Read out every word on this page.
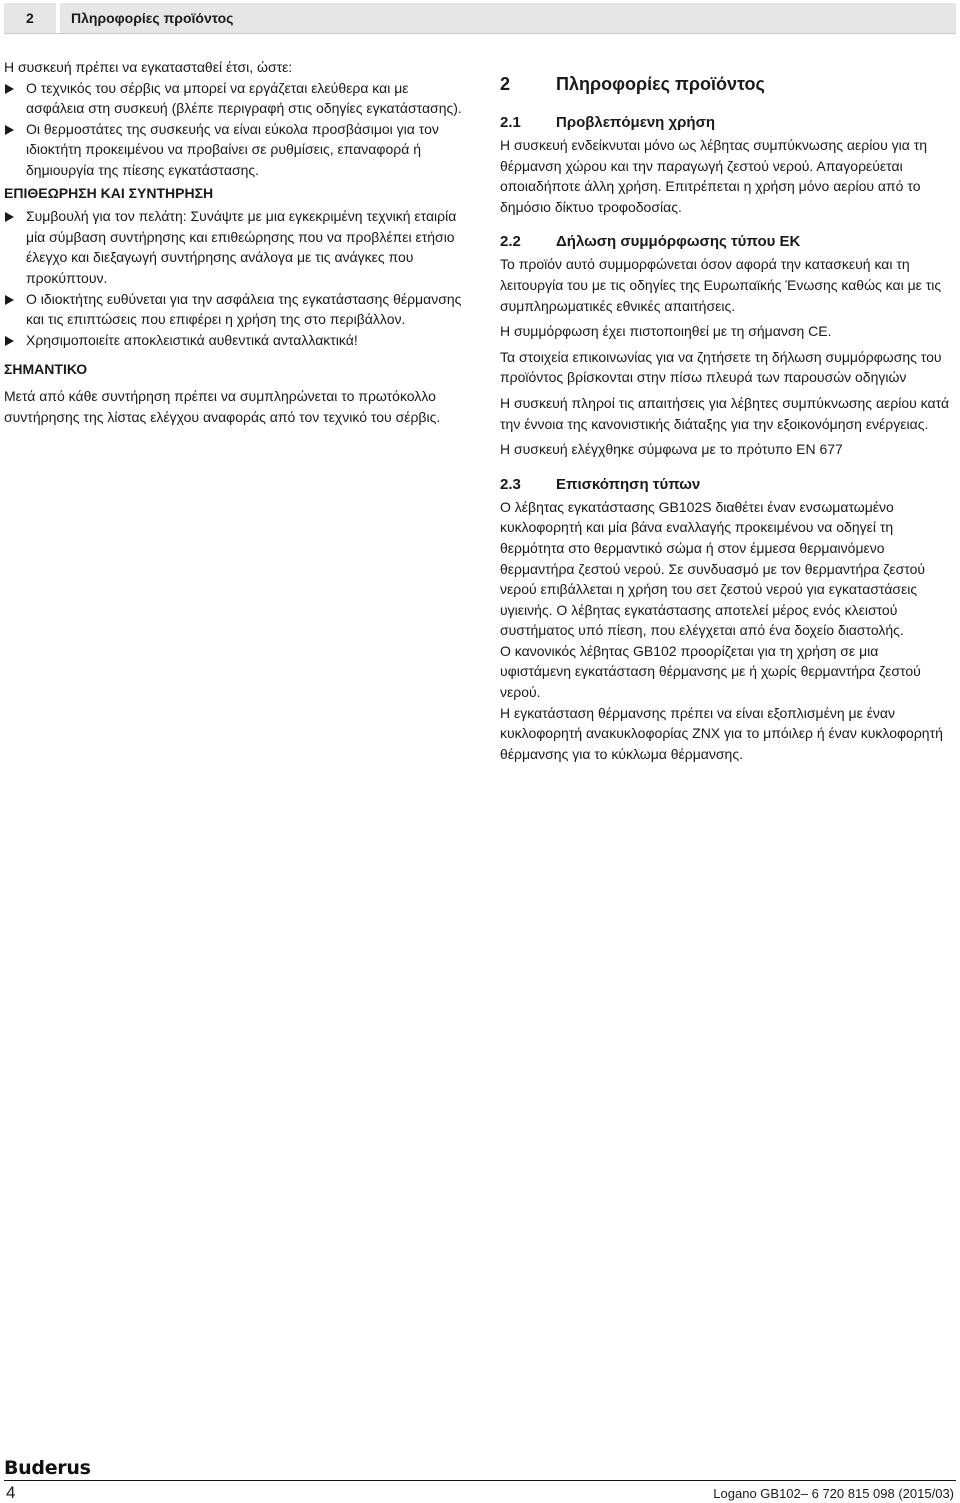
2	Πληροφορίες προϊόντος

Η συσκευή πρέπει να εγκατασταθεί έτσι, ώστε:

Ο τεχνικός του σέρβις να μπορεί να εργάζεται ελεύθερα και με ασφάλεια στη συσκευή (βλέπε περιγραφή στις οδηγίες εγκατάστασης).

Οι θερμοστάτες της συσκευής να είναι εύκολα προσβάσιμοι για τον ιδιοκτήτη προκειμένου να προβαίνει σε ρυθμίσεις, επαναφορά ή δημιουργία της πίεσης εγκατάστασης.

ΕΠΙΘΕΩΡΗΣΗ ΚΑΙ ΣΥΝΤΗΡΗΣΗ

Συμβουλή για τον πελάτη: Συνάψτε με μια εγκεκριμένη τεχνική εταιρία μία σύμβαση συντήρησης και επιθεώρησης που να προβλέπει ετήσιο έλεγχο και διεξαγωγή συντήρησης ανάλογα με τις ανάγκες που προκύπτουν.

Ο ιδιοκτήτης ευθύνεται για την ασφάλεια της εγκατάστασης θέρμανσης και τις επιπτώσεις που επιφέρει η χρήση της στο περιβάλλον.

Χρησιμοποιείτε αποκλειστικά αυθεντικά ανταλλακτικά!

ΣΗΜΑΝΤΙΚΟ

Μετά από κάθε συντήρηση πρέπει να συμπληρώνεται το πρωτόκολλο συντήρησης της λίστας ελέγχου αναφοράς από τον τεχνικό του σέρβις.

2	Πληροφορίες προϊόντος
2.1 Προβλεπόμενη χρήση

Η συσκευή ενδείκνυται μόνο ως λέβητας συμπύκνωσης αερίου για τη θέρμανση χώρου και την παραγωγή ζεστού νερού. Απαγορεύεται οποιαδήποτε άλλη χρήση. Επιτρέπεται η χρήση μόνο αερίου από το δημόσιο δίκτυο τροφοδοσίας.

2.2 Δήλωση συμμόρφωσης τύπου ΕΚ

Το προϊόν αυτό συμμορφώνεται όσον αφορά την κατασκευή και τη λειτουργία του με τις οδηγίες της Ευρωπαϊκής Ένωσης καθώς και με τις συμπληρωματικές εθνικές απαιτήσεις.

Η συμμόρφωση έχει πιστοποιηθεί με τη σήμανση CE.

Τα στοιχεία επικοινωνίας για να ζητήσετε τη δήλωση συμμόρφωσης του προϊόντος βρίσκονται στην πίσω πλευρά των παρουσών οδηγιών

Η συσκευή πληροί τις απαιτήσεις για λέβητες συμπύκνωσης αερίου κατά την έννοια της κανονιστικής διάταξης για την εξοικονόμηση ενέργειας.

Η συσκευή ελέγχθηκε σύμφωνα με το πρότυπο EN 677

2.3 Επισκόπηση τύπων

Ο λέβητας εγκατάστασης GB102S διαθέτει έναν ενσωματωμένο κυκλοφορητή και μία βάνα εναλλαγής προκειμένου να οδηγεί τη θερμότητα στο θερμαντικό σώμα ή στον έμμεσα θερμαινόμενο θερμαντήρα ζεστού νερού. Σε συνδυασμό με τον θερμαντήρα ζεστού νερού επιβάλλεται η χρήση του σετ ζεστού νερού για εγκαταστάσεις υγιεινής. Ο λέβητας εγκατάστασης αποτελεί μέρος ενός κλειστού συστήματος υπό πίεση, που ελέγχεται από ένα δοχείο διαστολής.

Ο κανονικός λέβητας GB102 προορίζεται για τη χρήση σε μια υφιστάμενη εγκατάσταση θέρμανσης με ή χωρίς θερμαντήρα ζεστού νερού.

Η εγκατάσταση θέρμανσης πρέπει να είναι εξοπλισμένη με έναν κυκλοφορητή ανακυκλοφορίας ZNX για το μπόιλερ ή έναν κυκλοφορητή θέρμανσης για το κύκλωμα θέρμανσης.

Buderus
4	Logano GB102– 6 720 815 098 (2015/03)
